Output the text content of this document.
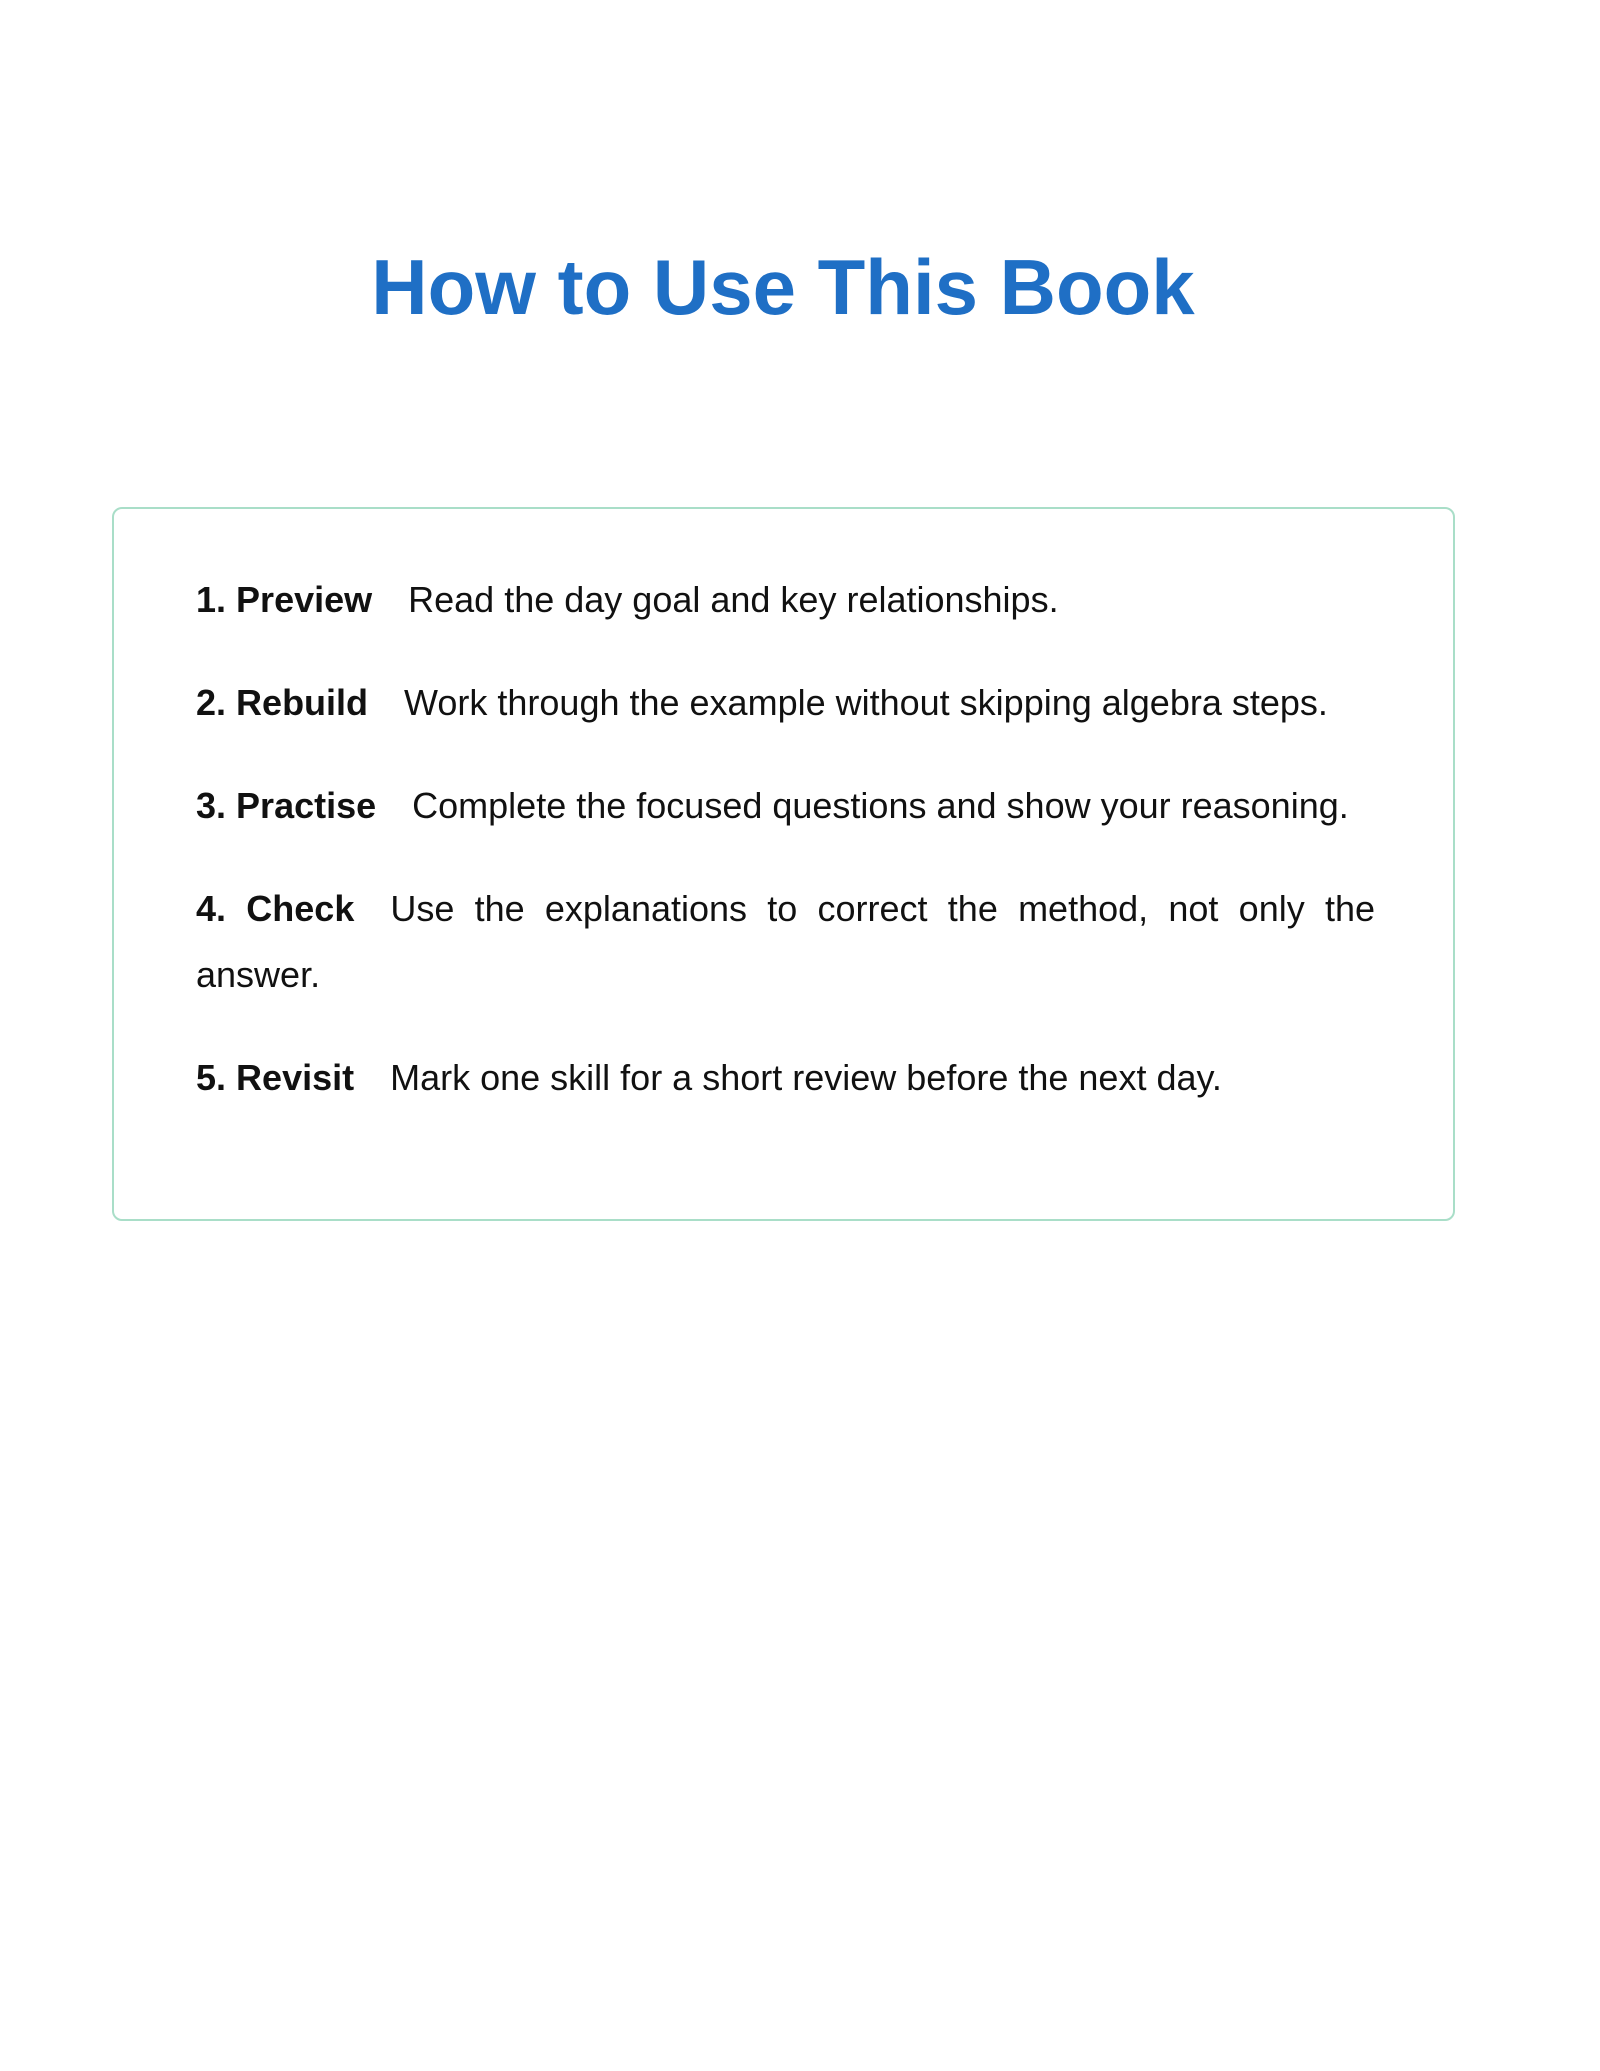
How to Use This Book
1. Preview Read the day goal and key relationships.
2. Rebuild Work through the example without skipping algebra steps.
3. Practise Complete the focused questions and show your reasoning.
4. Check Use the explanations to correct the method, not only the answer.
5. Revisit Mark one skill for a short review before the next day.
